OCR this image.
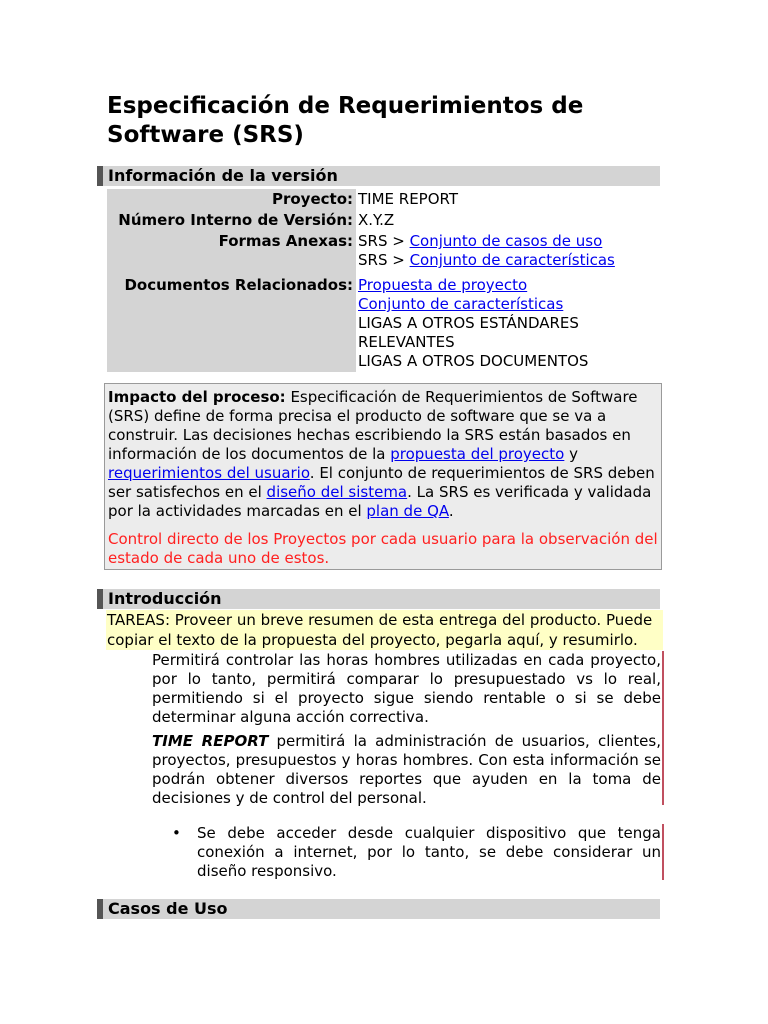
Especificación de Requerimientos de Software (SRS)
Información de la versión
Proyecto:	TIME REPORT
Número Interno de Versión:	X.Y.Z
Formas Anexas:	SRS > Conjunto de casos de uso
SRS > Conjunto de características

Documentos Relacionados:	Propuesta de proyecto
Conjunto de características
LIGAS A OTROS ESTÁNDARES RELEVANTES
LIGAS A OTROS DOCUMENTOS

Impacto del proceso: Especificación de Requerimientos de Software (SRS) define de forma precisa el producto de software que se va a construir. Las decisiones hechas escribiendo la SRS están basados en información de los documentos de la propuesta del proyecto y requerimientos del usuario. El conjunto de requerimientos de SRS deben ser satisfechos en el diseño del sistema. La SRS es verificada y validada por la actividades marcadas en el plan de QA.

Control directo de los Proyectos por cada usuario para la observación del estado de cada uno de estos.

Introducción
TAREAS: Proveer un breve resumen de esta entrega del producto. Puede copiar el texto de la propuesta del proyecto, pegarla aquí, y resumirlo.

Permitirá controlar las horas hombres utilizadas en cada proyecto, por lo tanto, permitirá comparar lo presupuestado vs lo real, permitiendo si el proyecto sigue siendo rentable o si se debe determinar alguna acción correctiva.

TIME REPORT permitirá la administración de usuarios, clientes, proyectos, presupuestos y horas hombres. Con esta información se podrán obtener diversos reportes que ayuden en la toma de decisiones y de control del personal.

• Se debe acceder desde cualquier dispositivo que tenga conexión a internet, por lo tanto, se debe considerar un diseño responsivo.
Casos de Uso
